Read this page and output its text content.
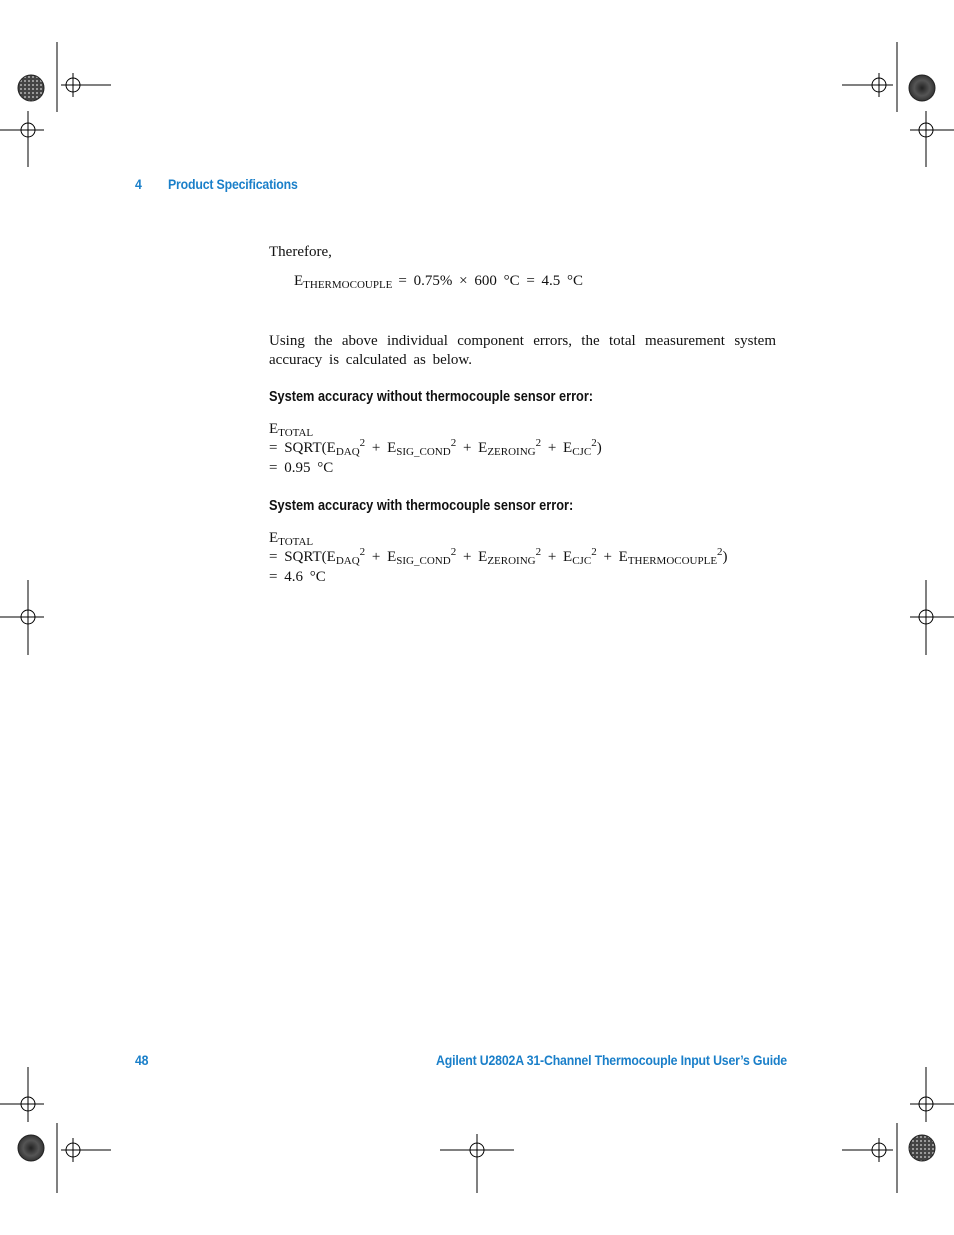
4 Product Specifications
Therefore,
$E_{THERMOCOUPLE} = 0.75\% \times 600$ °C = 4.5 °C
Using the above individual component errors, the total measurement system accuracy is calculated as below.
System accuracy without thermocouple sensor error:
$E_{TOTAL}$
= $SQRT(E_{DAQ}^2 + E_{SIG\_COND}^2 + E_{ZEROING}^2 + E_{CJC}^2)$
= 0.95 °C
System accuracy with thermocouple sensor error:
$E_{TOTAL}$
= $SQRT(E_{DAQ}^2 + E_{SIG\_COND}^2 + E_{ZEROING}^2 + E_{CJC}^2 + E_{THERMOCOUPLE}^2)$
= 4.6 °C
48	Agilent U2802A 31-Channel Thermocouple Input User’s Guide
